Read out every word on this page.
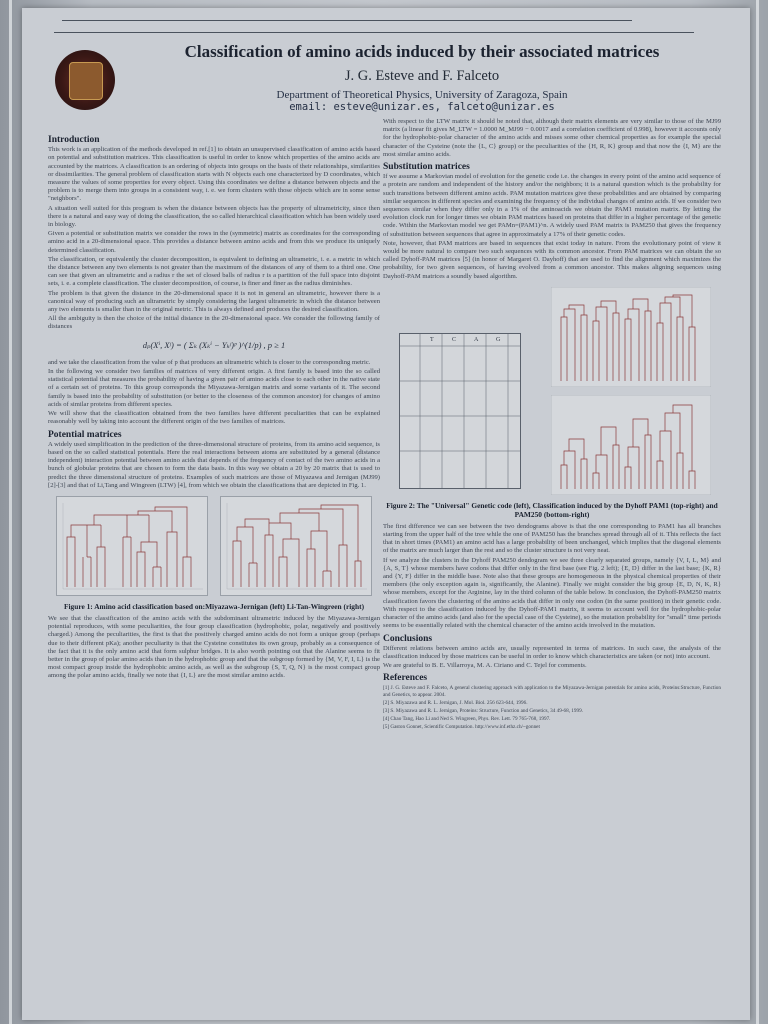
Classification of amino acids induced by their associated matrices
J. G. Esteve and F. Falceto
Department of Theoretical Physics, University of Zaragoza, Spain
email: esteve@unizar.es, falceto@unizar.es
Introduction

This work is an application of the methods developed in ref.[1] to obtain an unsupervised classification of amino acids based on potential and substitution matrices. This classification is useful in order to know which properties of the amino acids are accounted by the matrices. A classification is an ordering of objects into groups on the basis of their relationships, similarities or dissimilarities. The general problem of classification starts with N objects each one characterized by D coordinates, which measure the values of some properties for every object. Using this coordinates we define a distance between objects and the problem is to merge them into groups in a consistent way, i. e. we form clusters with those objects which are in some sense "neighbors".

A situation well suited for this program is when the distance between objects has the property of ultrametricity, since then there is a natural and easy way of doing the classification, the so called hierarchical classification which has been widely used in biology.

Given a potential or substitution matrix we consider the rows in the (symmetric) matrix as coordinates for the corresponding amino acid in a 20-dimensional space. This provides a distance between amino acids and from this we produce its uniquely determined classification.

The classification, or equivalently the cluster decomposition, is equivalent to defining an ultrametric, i. e. a metric in which the distance between any two elements is not greater than the maximum of the distances of any of them to a third one. One can see that given an ultrametric and a radius r the set of closed balls of radius r is a partition of the full space into disjoint sets, i. e. a complete classification. The cluster decomposition, of course, is finer and finer as the radius diminishes.

The problem is that given the distance in the 20-dimensional space it is not in general an ultrametric, however there is a canonical way of producing such an ultrametric by simply considering the largest ultrametric in which the distance between any two elements is smaller than in the original metric. This is always defined and produces the desired classification.

All the ambiguity is then the choice of the initial distance in the 20-dimensional space. We consider the following family of distances

dₚ(Xⁱ, Xʲ) = ( Σₖ (Xₖⁱ − Yₖʲ)ᵖ )^(1/p) , p ≥ 1

and we take the classification from the value of p that produces an ultrametric which is closer to the corresponding metric.

In the following we consider two families of matrices of very different origin. A first family is based into the so called statistical potential that measures the probability of having a given pair of amino acids close to each other in the native state of a certain set of proteins. To this group corresponds the Miyazawa-Jernigan matrix and some variants of it. The second family is based into the probability of substitution (or better to the closeness of the common ancestor) for changes of amino acids of similar proteins from different species.

We will show that the classification obtained from the two families have different peculiarities that can be explained reasonably well by taking into account the different origin of the two families of matrices.

Potential matrices

A widely used simplification in the prediction of the three-dimensional structure of proteins, from its amino acid sequence, is based on the so called statistical potentials. Here the real interactions between atoms are substituted by a general (distance independent) interaction potential between amino acids that depends of the frequency of contact of the two amino acids in a bunch of globular proteins that are chosen to form the data basis. In this way we obtain a 20 by 20 matrix that is used to predict the three dimensional structure of proteins. Examples of such matrices are those of Miyazawa and Jernigan (MJ99) [2]-[3] and that of Li,Tang and Wingreen (LTW) [4], from which we obtain the classifications that are depicted in Fig. 1.

Figure 1: Amino acid classification based on:Miyazawa-Jernigan (left) Li-Tan-Wingreen (right)

We see that the classification of the amino acids with the subdominant ultrametric induced by the Miyazawa-Jernigan potential reproduces, with some peculiarities, the four group classification (hydrophobic, polar, negatively and positively charged.) Among the peculiarities, the first is that the positively charged amino acids do not form a unique group (perhaps due to their different pKa); another peculiarity is that the Cysteine constitutes its own group, probably as a consequence of the fact that it is the only amino acid that form sulphur bridges. It is also worth pointing out that the Alanine seems to fit better in the group of polar amino acids than in the hydrophobic group and that the subgroup formed by {M, V, F, I, L} is the most compact group inside the hydrophobic amino acids, as well as the subgroup {S, T, Q, N} is the most compact group among the polar amino acids, finally we note that {I, L} are the most similar amino acids.

With respect to the LTW matrix it should be noted that, although their matrix elements are very similar to those of the MJ99 matrix (a linear fit gives M_LTW = 1.0000 M_MJ99 − 0.0017 and a correlation coefficient of 0.998), however it accounts only for the hydrophobic-polar character of the amino acids and misses some other chemical properties as for example the special character of the Cysteine (note the {L, C} group) or the peculiarities of the {H, R, K} group and that now the {I, M} are the most similar amino acids.

Substitution matrices

If we assume a Markovian model of evolution for the genetic code i.e. the changes in every point of the amino acid sequence of a protein are random and independent of the history and/or the neighbors; it is a natural question which is the probability for such transitions between different amino acids. PAM mutation matrices give these probabilities and are obtained by comparing similar sequences in different species and examining the frequency of the individual changes of amino acids. If we consider two sequences similar when they differ only in a 1% of the aminoacids we obtain the PAM1 mutation matrix. By letting the evolution clock run for longer times we obtain PAM matrices based on proteins that differ in a higher percentage of the genetic code. Within the Markovian model we get PAMn=(PAM1)^n. A widely used PAM matrix is PAM250 that gives the frequency of substitution between sequences that agree in approximately a 17% of their genetic codes.

Note, however, that PAM matrices are based in sequences that exist today in nature. From the evolutionary point of view it would be more natural to compare two such sequences with its common ancestor. From PAM matrices we can obtain the so called Dyhoff-PAM matrices [5] (in honor of Margaret O. Dayhoff) that are used to find the alignment which maximizes the probability, for two given sequences, of having evolved from a common ancestor. This makes aligning sequences using Dayhoff-PAM matrices a soundly based algorithm.

T	C	A	G
Figure 2: The "Universal" Genetic code (left), Classification induced by the Dyhoff PAM1 (top-right) and PAM250 (bottom-right)

The first difference we can see between the two dendograms above is that the one corresponding to PAM1 has all branches starting from the upper half of the tree while the one of PAM250 has the branches spread through all of it. This reflects the fact that in short times (PAM1) an amino acid has a large probability of been unchanged, which implies that the diagonal elements of the matrix are much larger than the rest and so the cluster structure is not very neat.

If we analyze the clusters in the Dyhoff PAM250 dendogram we see three clearly separated groups, namely {V, I, L, M} and {A, S, T} whose members have codons that differ only in the first base (see Fig. 2 left); {E, D} differ in the last base; {K, R} and {Y, F} differ in the middle base. Note also that these groups are homogeneous in the physical chemical properties of their members (the only exception again is, significantly, the Alanine). Finally we might consider the big group {E, D, N, K, R} whose members, except for the Arginine, lay in the third column of the table below. In conclusion, the Dyhoff-PAM250 matrix classification favors the clustering of the amino acids that differ in only one codon (in the same position) in their genetic code. With respect to the classification induced by the Dyhoff-PAM1 matrix, it seems to account well for the hydrophobic-polar character of the amino acids (and also for the special case of the Cysteine), so the mutation probability for "small" time periods seems to be essentially related with the chemical character of the amino acids involved in the mutation.

Conclusions

Different relations between amino acids are, usually represented in terms of matrices. In such case, the analysis of the classification induced by those matrices can be useful in order to know which characteristics are taken (or not) into account.

We are grateful to B. E. Villarroya, M. A. Ciriano and C. Tejel for comments.

References

[1] J. G. Esteve and F. Falceto, A general clustering approach with application to the Miyazawa-Jernigan potentials for amino acids, Proteins:Structure, Function and Genetics, to appear. 2004.

[2] S. Miyazawa and R. L. Jernigan, J. Mol. Biol. 256 623-644, 1996.

[3] S. Miyazawa and R. L. Jernigan, Proteins: Structure, Function and Genetics, 34 49-68, 1999.

[4] Chao Tang, Hao Li and Ned S. Wingreen, Phys. Rev. Lett. 79 765-768, 1997.

[5] Gaston Gonnet, Scientific Computation. http://www.inf.ethz.ch/~gonnet
